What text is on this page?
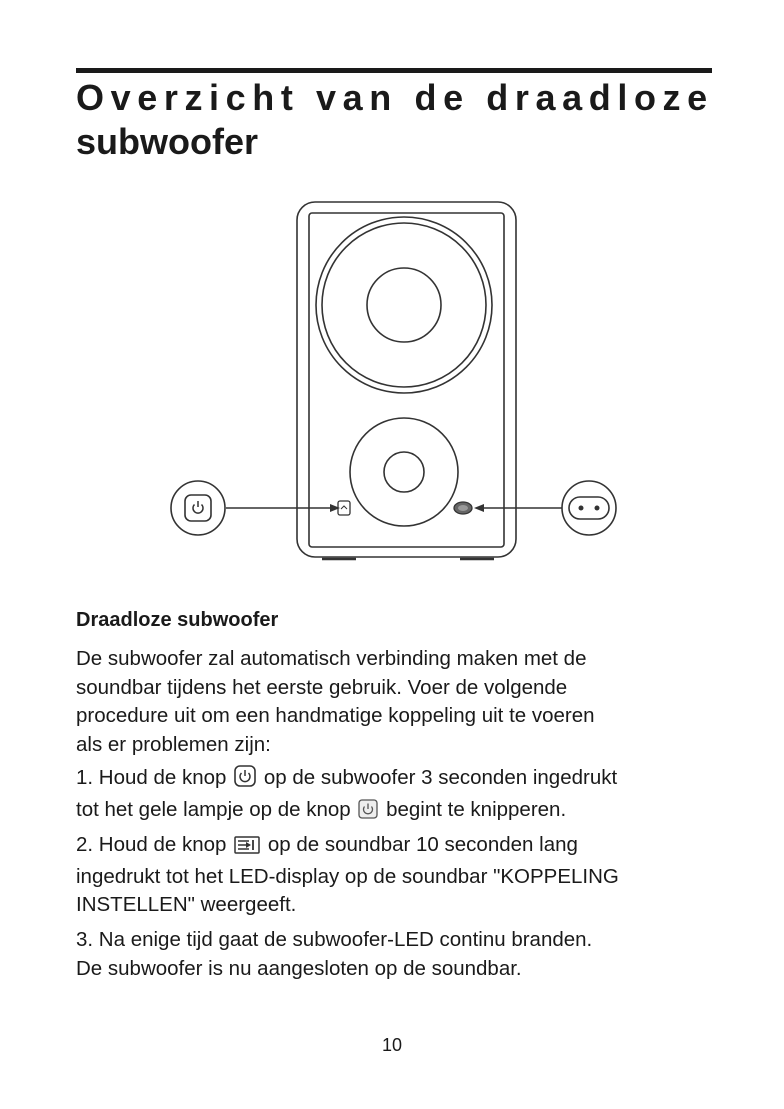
Overzicht van de draadloze
subwoofer
Draadloze subwoofer

De subwoofer zal automatisch verbinding maken met de
soundbar tijdens het eerste gebruik. Voer de volgende
procedure uit om een handmatige koppeling uit te voeren
als er problemen zijn:

1. Houd de knop op de subwoofer 3 seconden ingedrukt
tot het gele lampje op de knop begint te knipperen.

2. Houd de knop op de soundbar 10 seconden lang
ingedrukt tot het LED-display op de soundbar "KOPPELING
INSTELLEN" weergeeft.

3. Na enige tijd gaat de subwoofer-LED continu branden.
De subwoofer is nu aangesloten op de soundbar.

10
